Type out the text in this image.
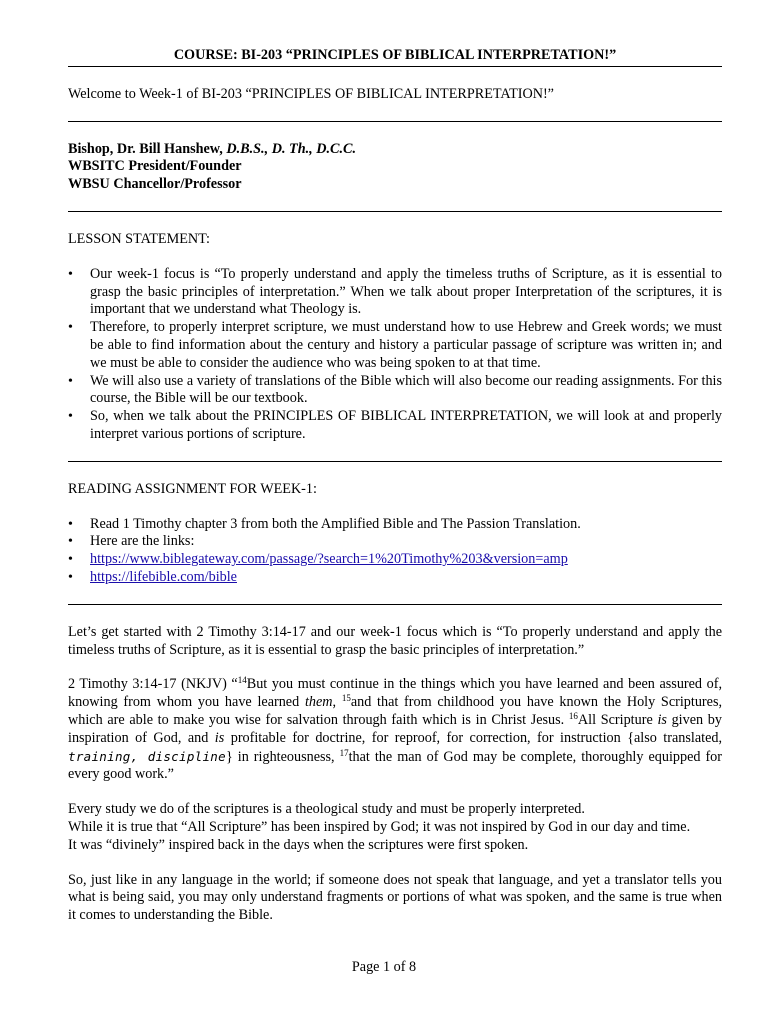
COURSE: BI-203 “PRINCIPLES OF BIBLICAL INTERPRETATION!”

Welcome to Week-1 of BI-203 “PRINCIPLES OF BIBLICAL INTERPRETATION!”

Bishop, Dr. Bill Hanshew, D.B.S., D. Th., D.C.C.

WBSITC President/Founder

WBSU Chancellor/Professor

LESSON STATEMENT:

• Our week-1 focus is “To properly understand and apply the timeless truths of Scripture, as it is essential to grasp the basic principles of interpretation.” When we talk about proper Interpretation of the scriptures, it is important that we understand what Theology is.
• Therefore, to properly interpret scripture, we must understand how to use Hebrew and Greek words; we must be able to find information about the century and history a particular passage of scripture was written in; and we must be able to consider the audience who was being spoken to at that time.
• We will also use a variety of translations of the Bible which will also become our reading assignments. For this course, the Bible will be our textbook.
• So, when we talk about the PRINCIPLES OF BIBLICAL INTERPRETATION, we will look at and properly interpret various portions of scripture.

READING ASSIGNMENT FOR WEEK-1:

• Read 1 Timothy chapter 3 from both the Amplified Bible and The Passion Translation.
• Here are the links:
• https://www.biblegateway.com/passage/?search=1%20Timothy%203&version=amp
• https://lifebible.com/bible

Let’s get started with 2 Timothy 3:14-17 and our week-1 focus which is “To properly understand and apply the timeless truths of Scripture, as it is essential to grasp the basic principles of interpretation.”

2 Timothy 3:14-17 (NKJV) “$^{14}$But you must continue in the things which you have learned and been assured of, knowing from whom you have learned them, $^{15}$and that from childhood you have known the Holy Scriptures, which are able to make you wise for salvation through faith which is in Christ Jesus. $^{16}$All Scripture is given by inspiration of God, and is profitable for doctrine, for reproof, for correction, for instruction {also translated, training, discipline} in righteousness, $^{17}$that the man of God may be complete, thoroughly equipped for every good work.”

Every study we do of the scriptures is a theological study and must be properly interpreted.

While it is true that “All Scripture” has been inspired by God; it was not inspired by God in our day and time.

It was “divinely” inspired back in the days when the scriptures were first spoken.

So, just like in any language in the world; if someone does not speak that language, and yet a translator tells you what is being said, you may only understand fragments or portions of what was spoken, and the same is true when it comes to understanding the Bible.

Page 1 of 8
